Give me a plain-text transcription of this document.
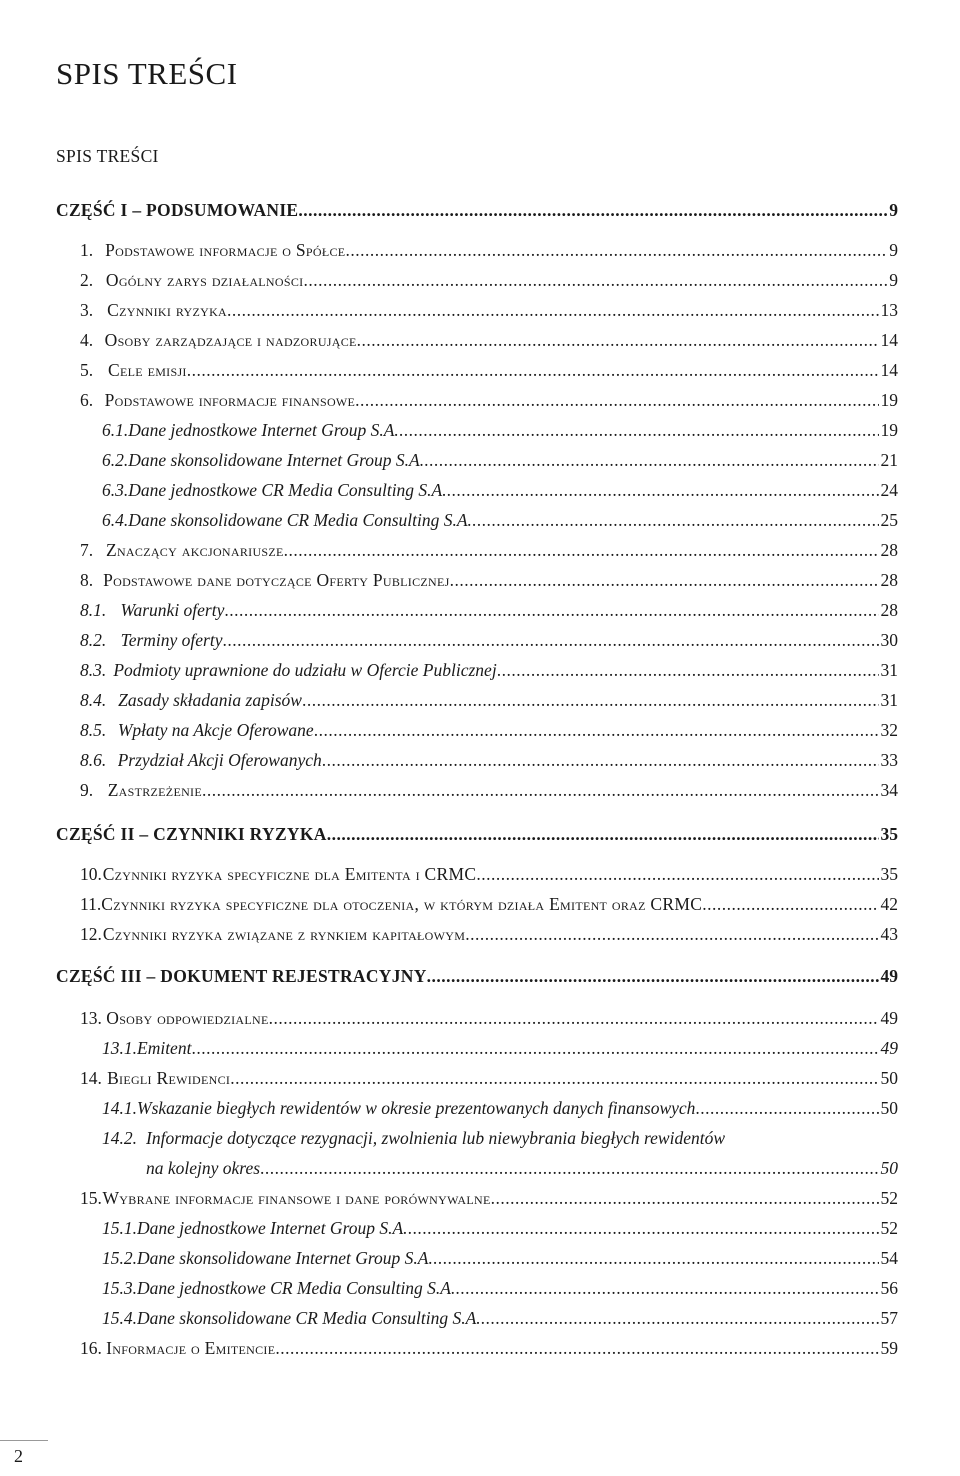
SPIS TREŚCI
SPIS TREŚCI
CZĘŚĆ I – PODSUMOWANIE .....	9
1. Podstawowe informacje o Spółce .....	9
2. Ogólny zarys działalności .....	9
3. Czynniki ryzyka .....	13
4. Osoby zarządzające i nadzorujące .....	14
5. Cele emisji .....	14
6. Podstawowe informacje finansowe .....	19
6.1. Dane jednostkowe Internet Group S.A. .....	19
6.2. Dane skonsolidowane Internet Group S.A. .....	21
6.3. Dane jednostkowe CR Media Consulting S.A. .....	24
6.4. Dane skonsolidowane CR Media Consulting S.A. .....	25
7. Znaczący akcjonariusze .....	28
8. Podstawowe dane dotyczące Oferty Publicznej .....	28
8.1. Warunki oferty .....	28
8.2. Terminy oferty .....	30
8.3. Podmioty uprawnione do udziału w Ofercie Publicznej .....	31
8.4. Zasady składania zapisów .....	31
8.5. Wpłaty na Akcje Oferowane .....	32
8.6. Przydział Akcji Oferowanych .....	33
9. Zastrzeżenie .....	34
CZĘŚĆ II – CZYNNIKI RYZYKA .....	35
10. Czynniki ryzyka specyficzne dla Emitenta i CRMC .....	35
11. Czynniki ryzyka specyficzne dla otoczenia, w którym działa Emitent oraz CRMC .....	42
12. Czynniki ryzyka związane z rynkiem kapitałowym .....	43
CZĘŚĆ III – DOKUMENT REJESTRACYJNY .....	49
13. Osoby odpowiedzialne .....	49
13.1. Emitent .....	49
14. Biegli Rewidenci .....	50
14.1. Wskazanie biegłych rewidentów w okresie prezentowanych danych finansowych .....	50
14.2. Informacje dotyczące rezygnacji, zwolnienia lub niewybrania biegłych rewidentów
na kolejny okres .....	50
15. Wybrane informacje finansowe i dane porównywalne .....	52
15.1. Dane jednostkowe Internet Group S.A. .....	52
15.2. Dane skonsolidowane Internet Group S.A. .....	54
15.3. Dane jednostkowe CR Media Consulting S.A. .....	56
15.4. Dane skonsolidowane CR Media Consulting S.A. .....	57
16. Informacje o Emitencie .....	59
2
